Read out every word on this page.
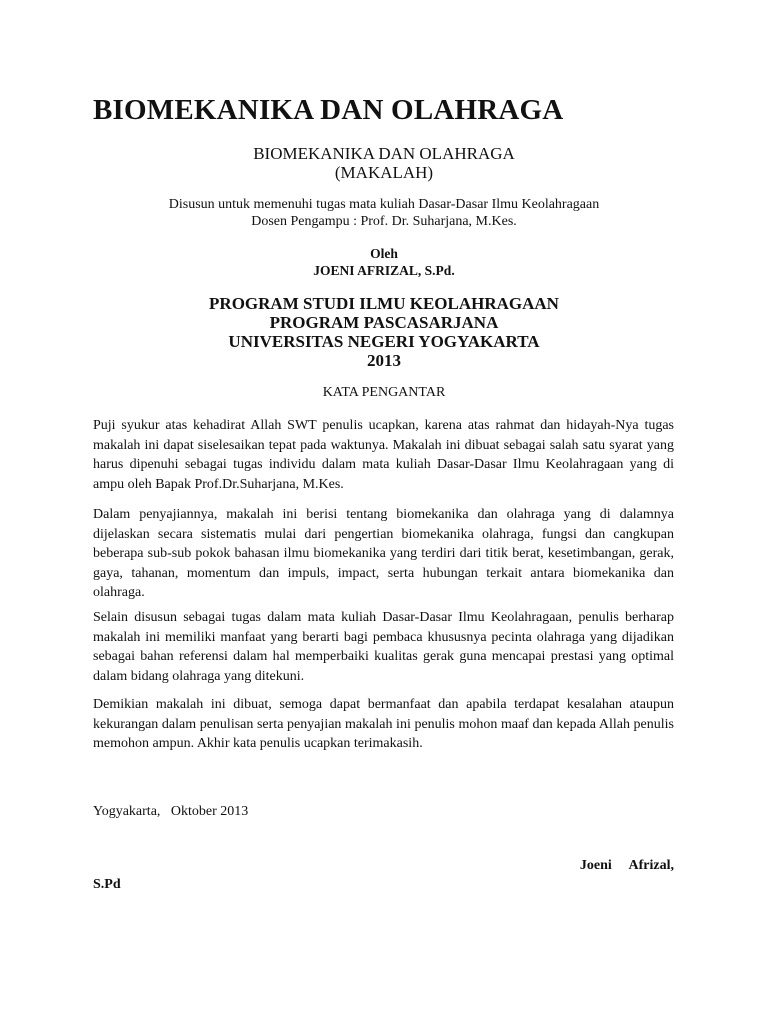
BIOMEKANIKA DAN OLAHRAGA

BIOMEKANIKA DAN OLAHRAGA

(MAKALAH)

Disusun untuk memenuhi tugas mata kuliah Dasar-Dasar Ilmu Keolahragaan

Dosen Pengampu : Prof. Dr. Suharjana, M.Kes.

Oleh

JOENI AFRIZAL, S.Pd.

PROGRAM STUDI ILMU KEOLAHRAGAAN

PROGRAM PASCASARJANA

UNIVERSITAS NEGERI YOGYAKARTA

2013

KATA PENGANTAR

Puji syukur atas kehadirat Allah SWT penulis ucapkan, karena atas rahmat dan hidayah-Nya tugas makalah ini dapat siselesaikan tepat pada waktunya. Makalah ini dibuat sebagai salah satu syarat yang harus dipenuhi sebagai tugas individu dalam mata kuliah Dasar-Dasar Ilmu Keolahragaan yang di ampu oleh Bapak Prof.Dr.Suharjana, M.Kes.

Dalam penyajiannya, makalah ini berisi tentang biomekanika dan olahraga yang di dalamnya dijelaskan secara sistematis mulai dari pengertian biomekanika olahraga, fungsi dan cangkupan beberapa sub-sub pokok bahasan ilmu biomekanika yang terdiri dari titik berat, kesetimbangan, gerak, gaya, tahanan, momentum dan impuls, impact, serta hubungan terkait antara biomekanika dan olahraga.

Selain disusun sebagai tugas dalam mata kuliah Dasar-Dasar Ilmu Keolahragaan, penulis berharap makalah ini memiliki manfaat yang berarti bagi pembaca khususnya pecinta olahraga yang dijadikan sebagai bahan referensi dalam hal memperbaiki kualitas gerak guna mencapai prestasi yang optimal dalam bidang olahraga yang ditekuni.

Demikian makalah ini dibuat, semoga dapat bermanfaat dan apabila terdapat kesalahan ataupun kekurangan dalam penulisan serta penyajian makalah ini penulis mohon maaf dan kepada Allah penulis memohon ampun. Akhir kata penulis ucapkan terimakasih.

Yogyakarta,   Oktober 2013

Joeni Afrizal,

S.Pd
